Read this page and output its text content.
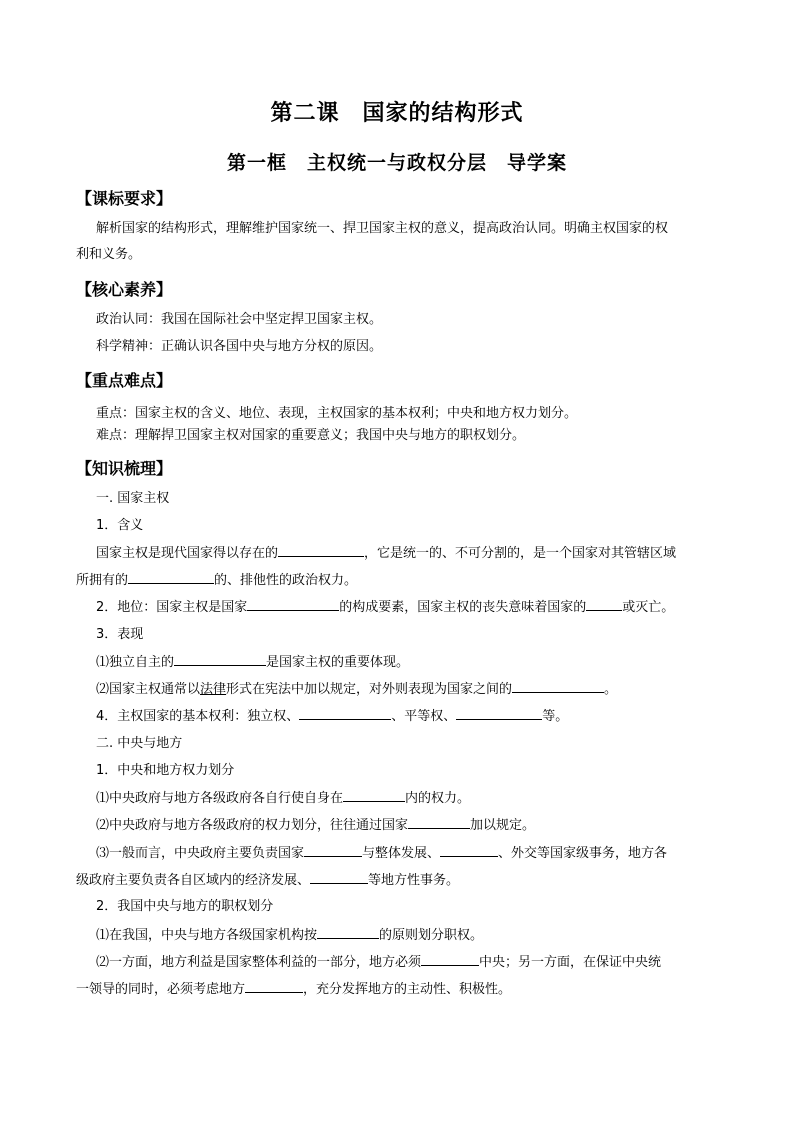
第二课　国家的结构形式
第一框　主权统一与政权分层　导学案
【课标要求】
解析国家的结构形式，理解维护国家统一、捍卫国家主权的意义，提高政治认同。明确主权国家的权
利和义务。
【核心素养】
政治认同：我国在国际社会中坚定捍卫国家主权。
科学精神：正确认识各国中央与地方分权的原因。
【重点难点】
重点：国家主权的含义、地位、表现，主权国家的基本权利；中央和地方权力划分。
难点：理解捍卫国家主权对国家的重要意义；我国中央与地方的职权划分。
【知识梳理】
一. 国家主权
1．含义
国家主权是现代国家得以存在的	，它是统一的、不可分割的，是一个国家对其管辖区域
所拥有的	的、排他性的政治权力。
2．地位：国家主权是国家	的构成要素，国家主权的丧失意味着国家的	或灭亡。
3．表现
⑴独立自主的	是国家主权的重要体现。
⑵国家主权通常以法律形式在宪法中加以规定，对外则表现为国家之间的	。
4．主权国家的基本权利：独立权、	、平等权、	等。
二. 中央与地方
1．中央和地方权力划分
⑴中央政府与地方各级政府各自行使自身在	内的权力。
⑵中央政府与地方各级政府的权力划分，往往通过国家	加以规定。
⑶一般而言，中央政府主要负责国家	与整体发展、	、外交等国家级事务，地方各
级政府主要负责各自区域内的经济发展、	等地方性事务。
2．我国中央与地方的职权划分
⑴在我国，中央与地方各级国家机构按	的原则划分职权。
⑵一方面，地方利益是国家整体利益的一部分，地方必须	中央；另一方面，在保证中央统
一领导的同时，必须考虑地方	，充分发挥地方的主动性、积极性。
